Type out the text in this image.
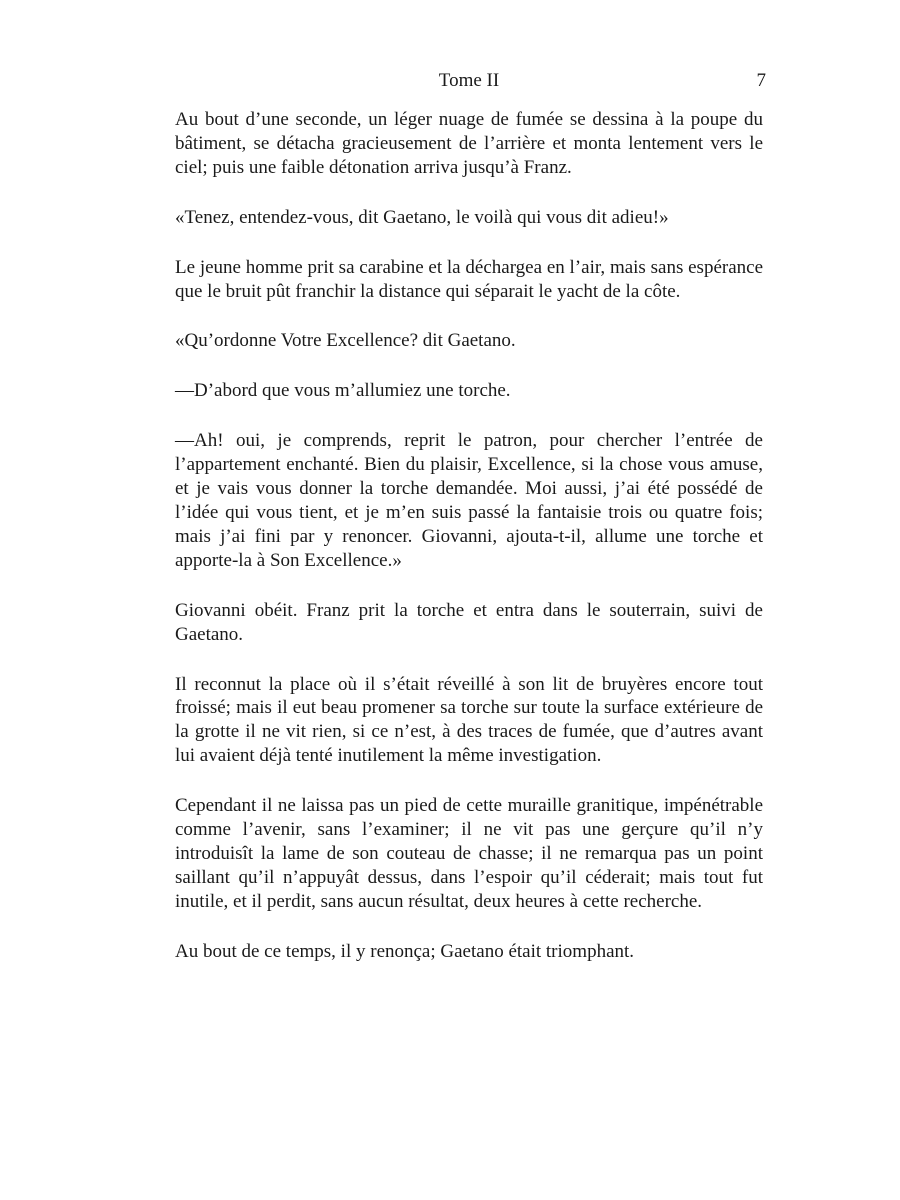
Tome II	7

Au bout d’une seconde, un léger nuage de fumée se dessina à la poupe du bâtiment, se détacha gracieusement de l’arrière et monta lentement vers le ciel; puis une faible détonation arriva jusqu’à Franz.

«Tenez, entendez-vous, dit Gaetano, le voilà qui vous dit adieu!»

Le jeune homme prit sa carabine et la déchargea en l’air, mais sans espérance que le bruit pût franchir la distance qui séparait le yacht de la côte.

«Qu’ordonne Votre Excellence? dit Gaetano.

—D’abord que vous m’allumiez une torche.

—Ah! oui, je comprends, reprit le patron, pour chercher l’entrée de l’appartement enchanté. Bien du plaisir, Excellence, si la chose vous amuse, et je vais vous donner la torche demandée. Moi aussi, j’ai été possédé de l’idée qui vous tient, et je m’en suis passé la fantaisie trois ou quatre fois; mais j’ai fini par y renoncer. Giovanni, ajouta-t-il, allume une torche et apporte-la à Son Excellence.»

Giovanni obéit. Franz prit la torche et entra dans le souterrain, suivi de Gaetano.

Il reconnut la place où il s’était réveillé à son lit de bruyères encore tout froissé; mais il eut beau promener sa torche sur toute la surface extérieure de la grotte il ne vit rien, si ce n’est, à des traces de fumée, que d’autres avant lui avaient déjà tenté inutilement la même investigation.

Cependant il ne laissa pas un pied de cette muraille granitique, impénétrable comme l’avenir, sans l’examiner; il ne vit pas une gerçure qu’il n’y introduisît la lame de son couteau de chasse; il ne remarqua pas un point saillant qu’il n’appuyât dessus, dans l’espoir qu’il céderait; mais tout fut inutile, et il perdit, sans aucun résultat, deux heures à cette recherche.

Au bout de ce temps, il y renonça; Gaetano était triomphant.
